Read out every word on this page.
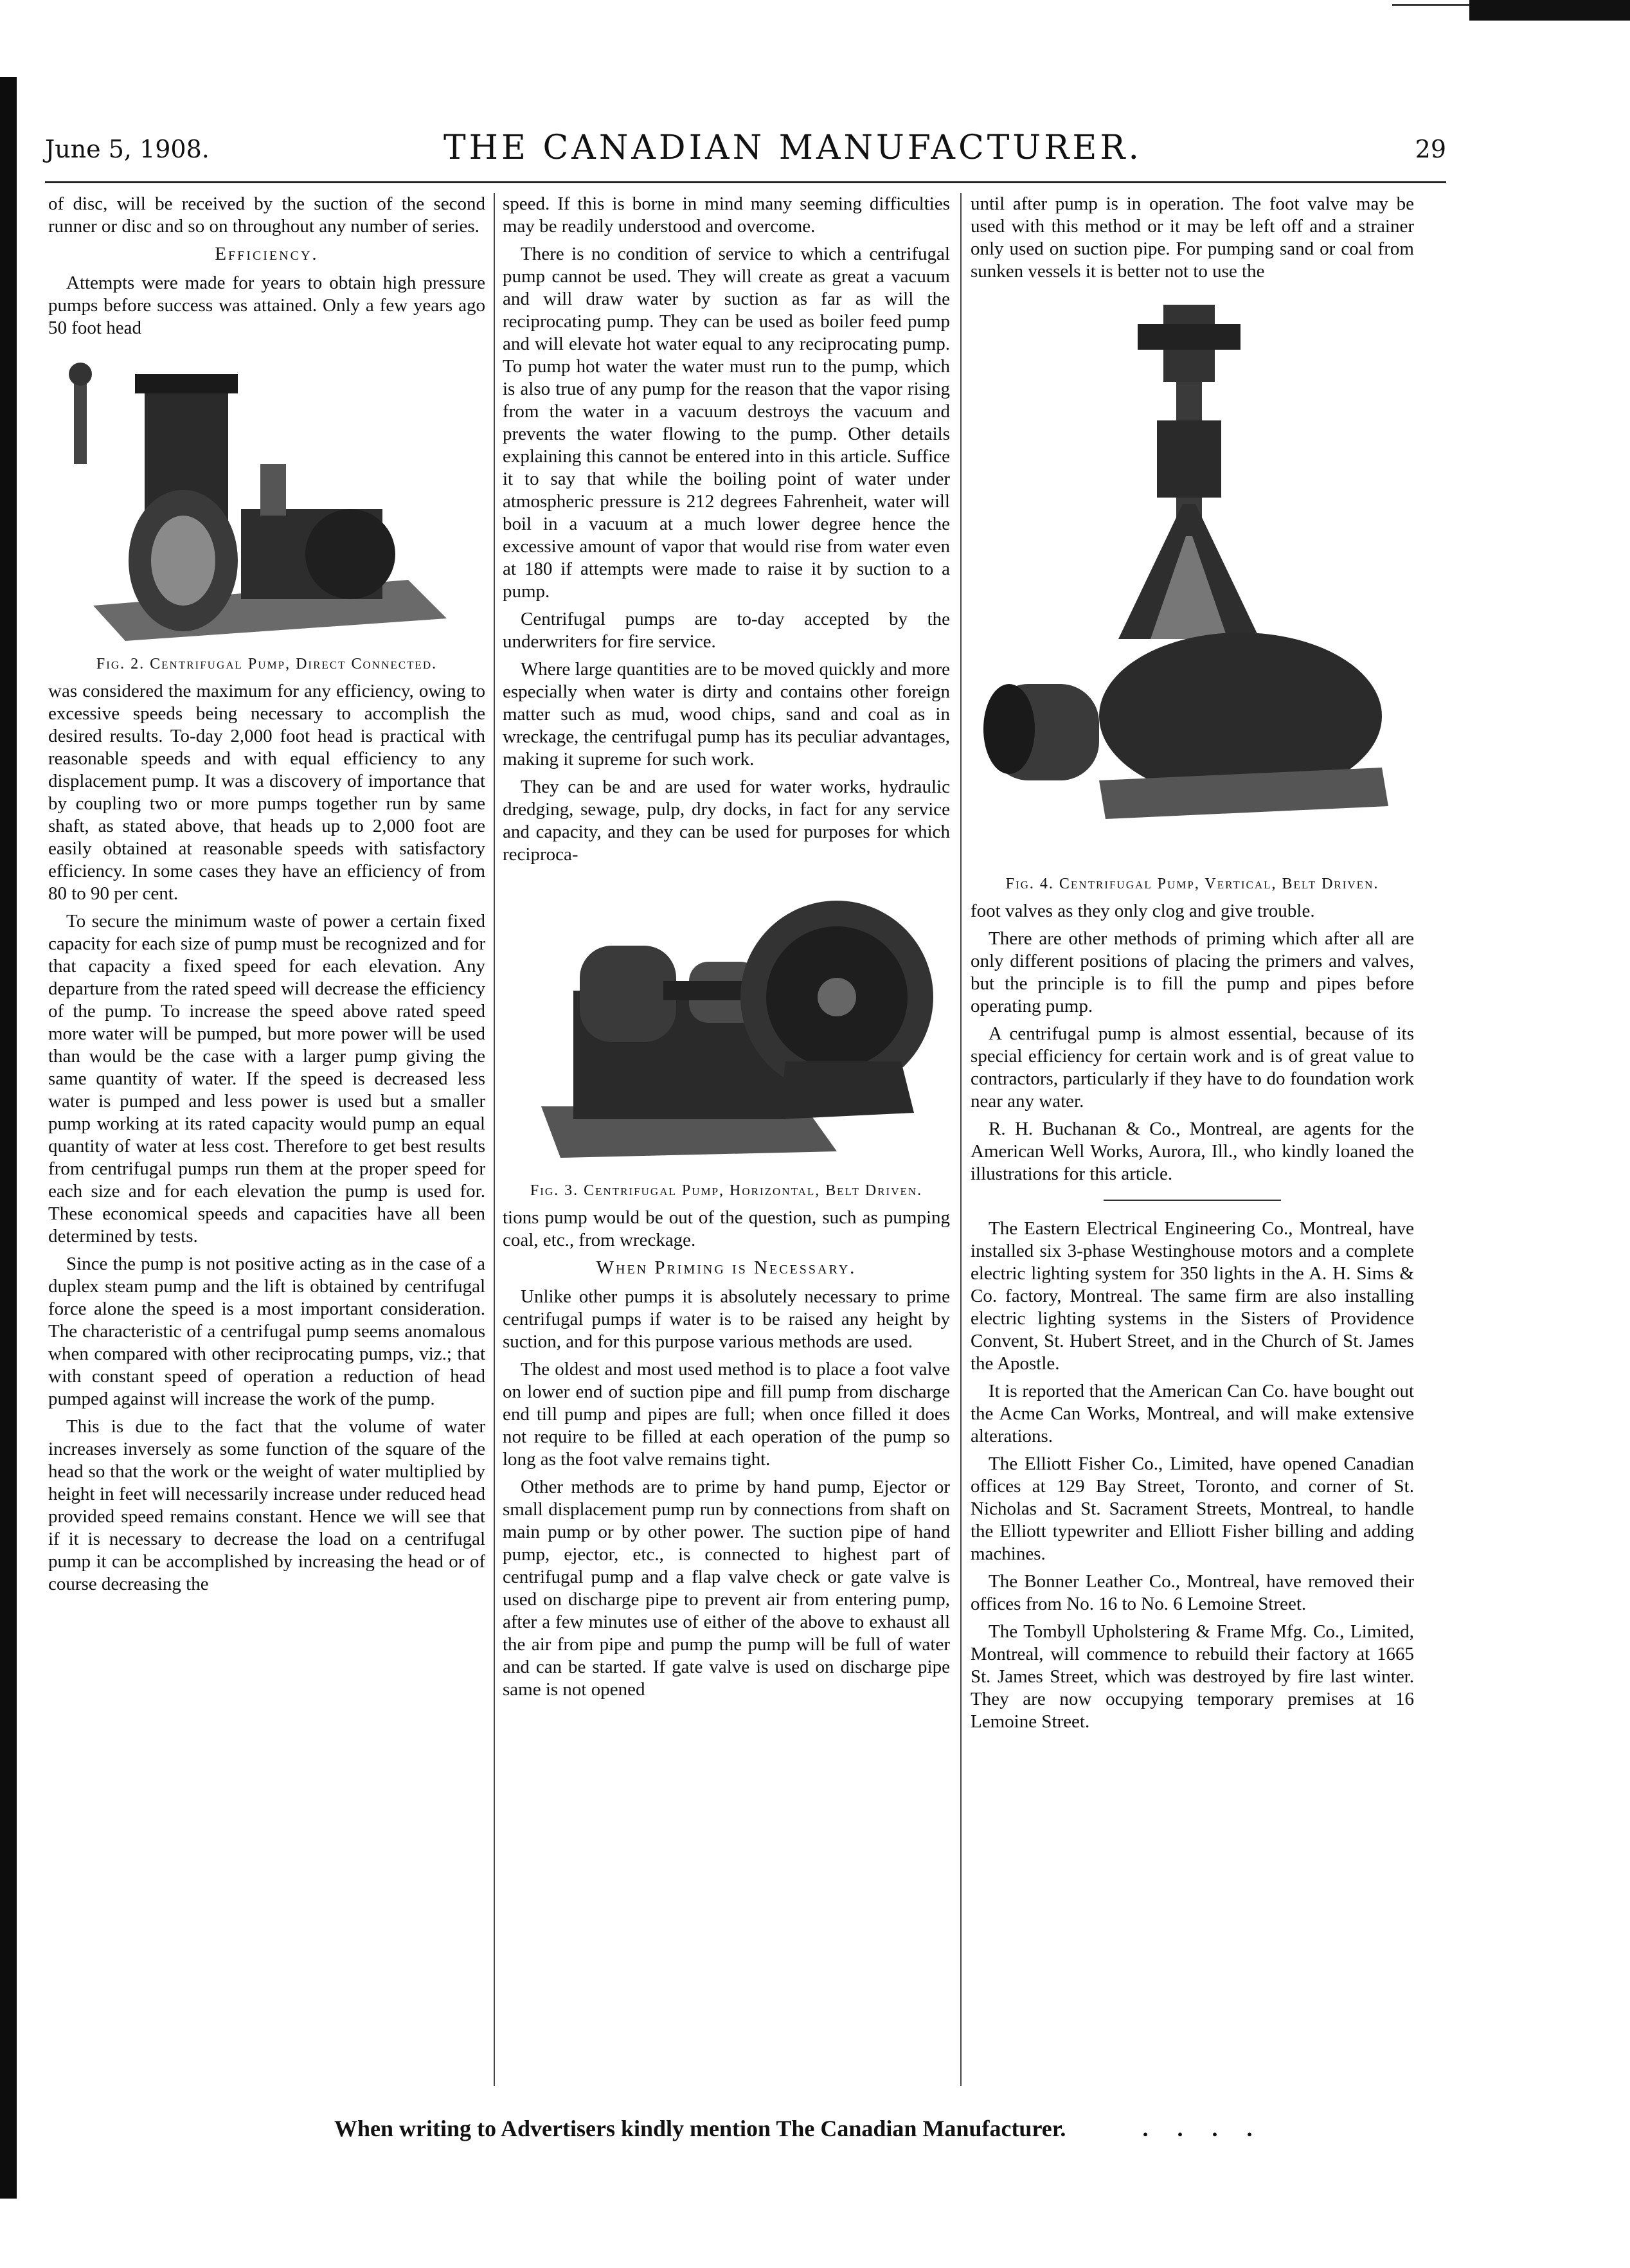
June 5, 1908.	THE CANADIAN MANUFACTURER.	29

of disc, will be received by the suction of the second runner or disc and so on throughout any number of series.

Efficiency.

Attempts were made for years to obtain high pressure pumps before success was attained. Only a few years ago 50 foot head

Fig. 2. Centrifugal Pump, Direct Connected.

was considered the maximum for any efficiency, owing to excessive speeds being necessary to accomplish the desired results. To-day 2,000 foot head is practical with reasonable speeds and with equal efficiency to any displacement pump. It was a discovery of importance that by coupling two or more pumps together run by same shaft, as stated above, that heads up to 2,000 foot are easily obtained at reasonable speeds with satisfactory efficiency. In some cases they have an efficiency of from 80 to 90 per cent.

To secure the minimum waste of power a certain fixed capacity for each size of pump must be recognized and for that capacity a fixed speed for each elevation. Any departure from the rated speed will decrease the efficiency of the pump. To increase the speed above rated speed more water will be pumped, but more power will be used than would be the case with a larger pump giving the same quantity of water. If the speed is decreased less water is pumped and less power is used but a smaller pump working at its rated capacity would pump an equal quantity of water at less cost. Therefore to get best results from centrifugal pumps run them at the proper speed for each size and for each elevation the pump is used for. These economical speeds and capacities have all been determined by tests.

Since the pump is not positive acting as in the case of a duplex steam pump and the lift is obtained by centrifugal force alone the speed is a most important consideration. The characteristic of a centrifugal pump seems anomalous when compared with other reciprocating pumps, viz.; that with constant speed of operation a reduction of head pumped against will increase the work of the pump.

This is due to the fact that the volume of water increases inversely as some function of the square of the head so that the work or the weight of water multiplied by height in feet will necessarily increase under reduced head provided speed remains constant. Hence we will see that if it is necessary to decrease the load on a centrifugal pump it can be accomplished by increasing the head or of course decreasing the

speed. If this is borne in mind many seeming difficulties may be readily understood and overcome.

There is no condition of service to which a centrifugal pump cannot be used. They will create as great a vacuum and will draw water by suction as far as will the reciprocating pump. They can be used as boiler feed pump and will elevate hot water equal to any reciprocating pump. To pump hot water the water must run to the pump, which is also true of any pump for the reason that the vapor rising from the water in a vacuum destroys the vacuum and prevents the water flowing to the pump. Other details explaining this cannot be entered into in this article. Suffice it to say that while the boiling point of water under atmospheric pressure is 212 degrees Fahrenheit, water will boil in a vacuum at a much lower degree hence the excessive amount of vapor that would rise from water even at 180 if attempts were made to raise it by suction to a pump.

Centrifugal pumps are to-day accepted by the underwriters for fire service.

Where large quantities are to be moved quickly and more especially when water is dirty and contains other foreign matter such as mud, wood chips, sand and coal as in wreckage, the centrifugal pump has its peculiar advantages, making it supreme for such work.

They can be and are used for water works, hydraulic dredging, sewage, pulp, dry docks, in fact for any service and capacity, and they can be used for purposes for which reciproca-

Fig. 3. Centrifugal Pump, Horizontal, Belt Driven.

tions pump would be out of the question, such as pumping coal, etc., from wreckage.

When Priming is Necessary.

Unlike other pumps it is absolutely necessary to prime centrifugal pumps if water is to be raised any height by suction, and for this purpose various methods are used.

The oldest and most used method is to place a foot valve on lower end of suction pipe and fill pump from discharge end till pump and pipes are full; when once filled it does not require to be filled at each operation of the pump so long as the foot valve remains tight.

Other methods are to prime by hand pump, Ejector or small displacement pump run by connections from shaft on main pump or by other power. The suction pipe of hand pump, ejector, etc., is connected to highest part of centrifugal pump and a flap valve check or gate valve is used on discharge pipe to prevent air from entering pump, after a few minutes use of either of the above to exhaust all the air from pipe and pump the pump will be full of water and can be started. If gate valve is used on discharge pipe same is not opened

until after pump is in operation. The foot valve may be used with this method or it may be left off and a strainer only used on suction pipe. For pumping sand or coal from sunken vessels it is better not to use the

Fig. 4. Centrifugal Pump, Vertical, Belt Driven.

foot valves as they only clog and give trouble.

There are other methods of priming which after all are only different positions of placing the primers and valves, but the principle is to fill the pump and pipes before operating pump.

A centrifugal pump is almost essential, because of its special efficiency for certain work and is of great value to contractors, particularly if they have to do foundation work near any water.

R. H. Buchanan & Co., Montreal, are agents for the American Well Works, Aurora, Ill., who kindly loaned the illustrations for this article.

The Eastern Electrical Engineering Co., Montreal, have installed six 3-phase Westinghouse motors and a complete electric lighting system for 350 lights in the A. H. Sims & Co. factory, Montreal. The same firm are also installing electric lighting systems in the Sisters of Providence Convent, St. Hubert Street, and in the Church of St. James the Apostle.

It is reported that the American Can Co. have bought out the Acme Can Works, Montreal, and will make extensive alterations.

The Elliott Fisher Co., Limited, have opened Canadian offices at 129 Bay Street, Toronto, and corner of St. Nicholas and St. Sacrament Streets, Montreal, to handle the Elliott typewriter and Elliott Fisher billing and adding machines.

The Bonner Leather Co., Montreal, have removed their offices from No. 16 to No. 6 Lemoine Street.

The Tombyll Upholstering & Frame Mfg. Co., Limited, Montreal, will commence to rebuild their factory at 1665 St. James Street, which was destroyed by fire last winter. They are now occupying temporary premises at 16 Lemoine Street.

When writing to Advertisers kindly mention The Canadian Manufacturer.	. . . .
